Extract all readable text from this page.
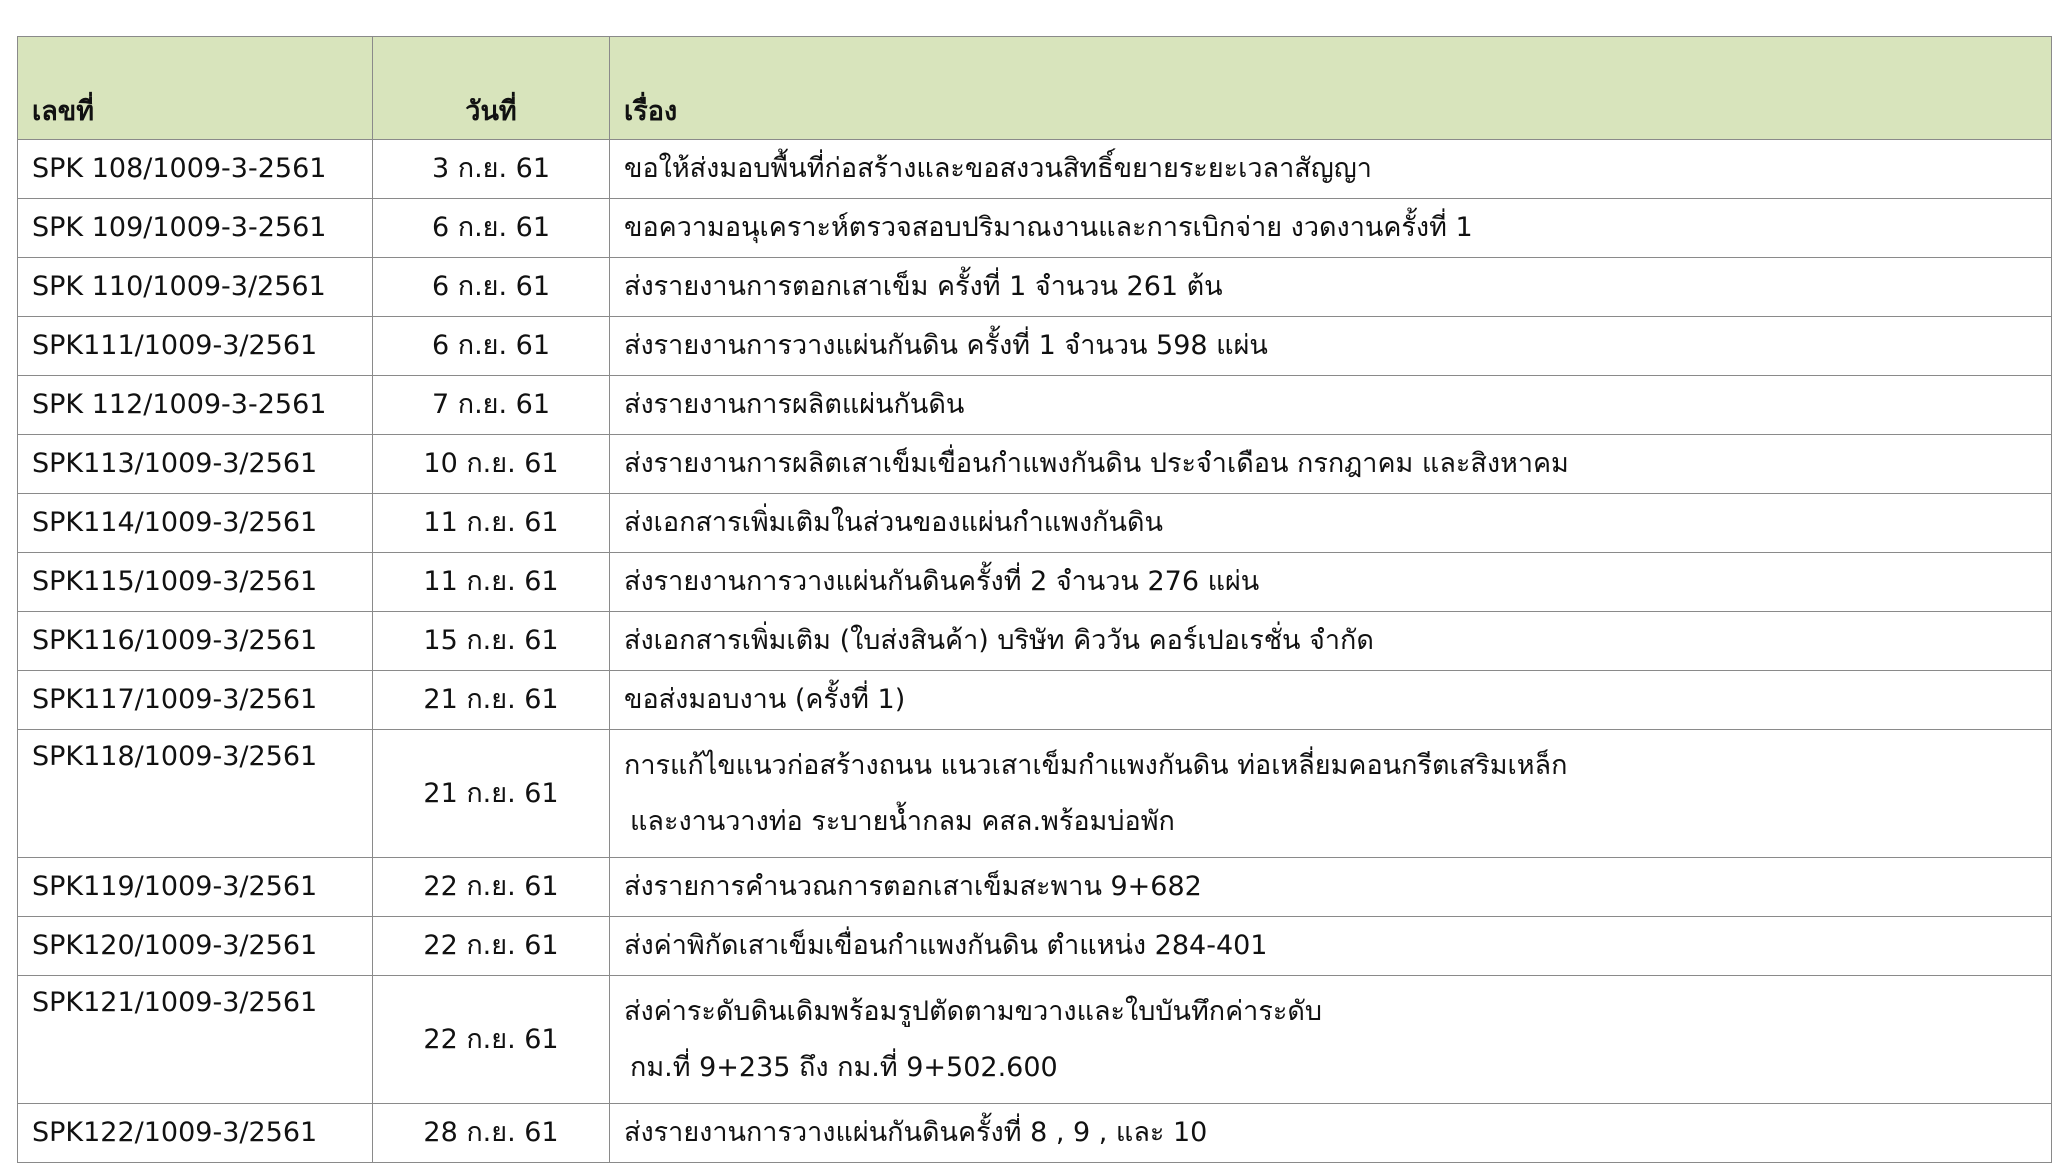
เลขที่	วันที่	เรื่อง
SPK 108/1009-3-2561	3 ก.ย. 61	ขอให้ส่งมอบพื้นที่ก่อสร้างและขอสงวนสิทธิ์ขยายระยะเวลาสัญญา

SPK 109/1009-3-2561	6 ก.ย. 61	ขอความอนุเคราะห์ตรวจสอบปริมาณงานและการเบิกจ่าย งวดงานครั้งที่ 1

SPK 110/1009-3/2561	6 ก.ย. 61	ส่งรายงานการตอกเสาเข็ม ครั้งที่ 1 จำนวน 261 ต้น

SPK111/1009-3/2561	6 ก.ย. 61	ส่งรายงานการวางแผ่นกันดิน ครั้งที่ 1 จำนวน 598 แผ่น

SPK 112/1009-3-2561	7 ก.ย. 61	ส่งรายงานการผลิตแผ่นกันดิน

SPK113/1009-3/2561	10 ก.ย. 61	ส่งรายงานการผลิตเสาเข็มเขื่อนกำแพงกันดิน ประจำเดือน กรกฎาคม และสิงหาคม

SPK114/1009-3/2561	11 ก.ย. 61	ส่งเอกสารเพิ่มเติมในส่วนของแผ่นกำแพงกันดิน

SPK115/1009-3/2561	11 ก.ย. 61	ส่งรายงานการวางแผ่นกันดินครั้งที่ 2 จำนวน 276 แผ่น

SPK116/1009-3/2561	15 ก.ย. 61	ส่งเอกสารเพิ่มเติม (ใบส่งสินค้า) บริษัท คิววัน คอร์เปอเรชั่น จำกัด

SPK117/1009-3/2561	21 ก.ย. 61	ขอส่งมอบงาน (ครั้งที่ 1)

SPK118/1009-3/2561	21 ก.ย. 61	การแก้ไขแนวก่อสร้างถนน แนวเสาเข็มกำแพงกันดิน ท่อเหลี่ยมคอนกรีตเสริมเหล็ก
และงานวางท่อ ระบายน้ำกลม คสล.พร้อมบ่อพัก

SPK119/1009-3/2561	22 ก.ย. 61	ส่งรายการคำนวณการตอกเสาเข็มสะพาน 9+682

SPK120/1009-3/2561	22 ก.ย. 61	ส่งค่าพิกัดเสาเข็มเขื่อนกำแพงกันดิน ตำแหน่ง 284-401

SPK121/1009-3/2561	22 ก.ย. 61	ส่งค่าระดับดินเดิมพร้อมรูปตัดตามขวางและใบบันทึกค่าระดับ
กม.ที่ 9+235 ถึง กม.ที่ 9+502.600

SPK122/1009-3/2561	28 ก.ย. 61	ส่งรายงานการวางแผ่นกันดินครั้งที่ 8 , 9 , และ 10
